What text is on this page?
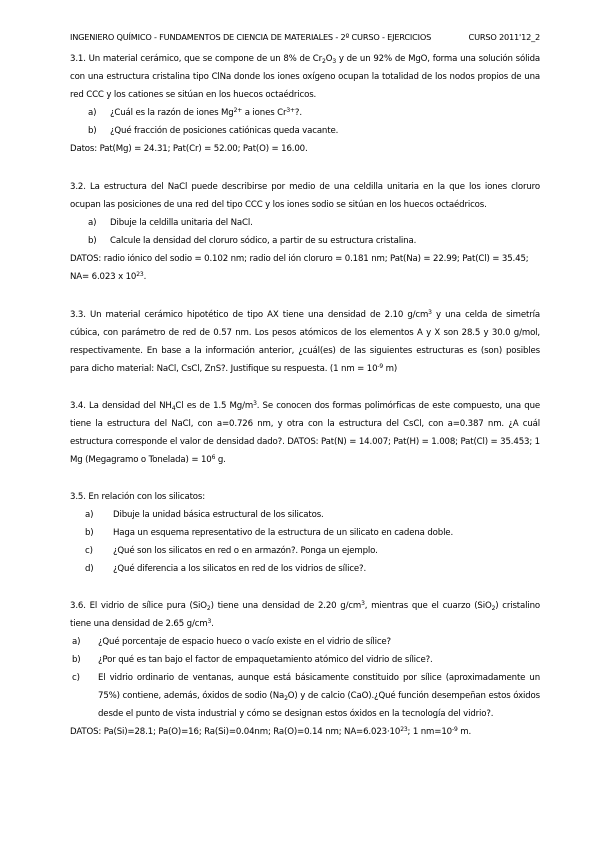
INGENIERO QUÍMICO - FUNDAMENTOS DE CIENCIA DE MATERIALES - 2º CURSO - EJERCICIOS	CURSO 2011'12_2

3.1. Un material cerámico, que se compone de un 8% de $Cr_2O_3$ y de un 92% de MgO, forma una solución sólida con una estructura cristalina tipo ClNa donde los iones oxígeno ocupan la totalidad de los nodos propios de una red CCC y los cationes se sitúan en los huecos octaédricos.

a) ¿Cuál es la razón de iones $Mg^{2+}$ a iones $Cr^{3+}$?.
b) ¿Qué fracción de posiciones catiónicas queda vacante.

Datos: Pat(Mg) = 24.31; Pat(Cr) = 52.00; Pat(O) = 16.00.

3.2. La estructura del NaCl puede describirse por medio de una celdilla unitaria en la que los iones cloruro ocupan las posiciones de una red del tipo CCC y los iones sodio se sitúan en los huecos octaédricos.

a) Dibuje la celdilla unitaria del NaCl.
b) Calcule la densidad del cloruro sódico, a partir de su estructura cristalina.

DATOS: radio iónico del sodio = 0.102 nm; radio del ión cloruro = 0.181 nm; Pat(Na) = 22.99; Pat(Cl) = 35.45;

NA= 6.023 x $10^{23}$.

3.3. Un material cerámico hipotético de tipo AX tiene una densidad de 2.10 $g/cm^3$ y una celda de simetría cúbica, con parámetro de red de 0.57 nm. Los pesos atómicos de los elementos A y X son 28.5 y 30.0 g/mol, respectivamente. En base a la información anterior, ¿cuál(es) de las siguientes estructuras es (son) posibles para dicho material: NaCl, CsCl, ZnS?. Justifique su respuesta. (1 nm = $10^{-9}$ m)

3.4. La densidad del $NH_4Cl$ es de 1.5 $Mg/m^3$. Se conocen dos formas polimórficas de este compuesto, una que tiene la estructura del NaCl, con a=0.726 nm, y otra con la estructura del CsCl, con a=0.387 nm. ¿A cuál estructura corresponde el valor de densidad dado?. DATOS: Pat(N) = 14.007; Pat(H) = 1.008; Pat(Cl) = 35.453; 1 Mg (Megagramo o Tonelada) = $10^6$ g.

3.5. En relación con los silicatos:

a) Dibuje la unidad básica estructural de los silicatos.
b) Haga un esquema representativo de la estructura de un silicato en cadena doble.
c) ¿Qué son los silicatos en red o en armazón?. Ponga un ejemplo.
d) ¿Qué diferencia a los silicatos en red de los vidrios de sílice?.

3.6. El vidrio de sílice pura (SiO$_2$) tiene una densidad de 2.20 $g/cm^3$, mientras que el cuarzo (SiO$_2$) cristalino tiene una densidad de 2.65 $g/cm^3$.

a) ¿Qué porcentaje de espacio hueco o vacío existe en el vidrio de sílice?
b) ¿Por qué es tan bajo el factor de empaquetamiento atómico del vidrio de sílice?.
c) El vidrio ordinario de ventanas, aunque está básicamente constituido por sílice (aproximadamente un 75%) contiene, además, óxidos de sodio $(Na_2O)$ y de calcio (CaO).¿Qué función desempeñan estos óxidos desde el punto de vista industrial y cómo se designan estos óxidos en la tecnología del vidrio?.

DATOS: Pa(Si)=28.1; Pa(O)=16; Ra(Si)=0.04nm; Ra(O)=0.14 nm; $NA=6.023\cdot 10^{23}$; 1 $nm=10^{-9}$ m.
